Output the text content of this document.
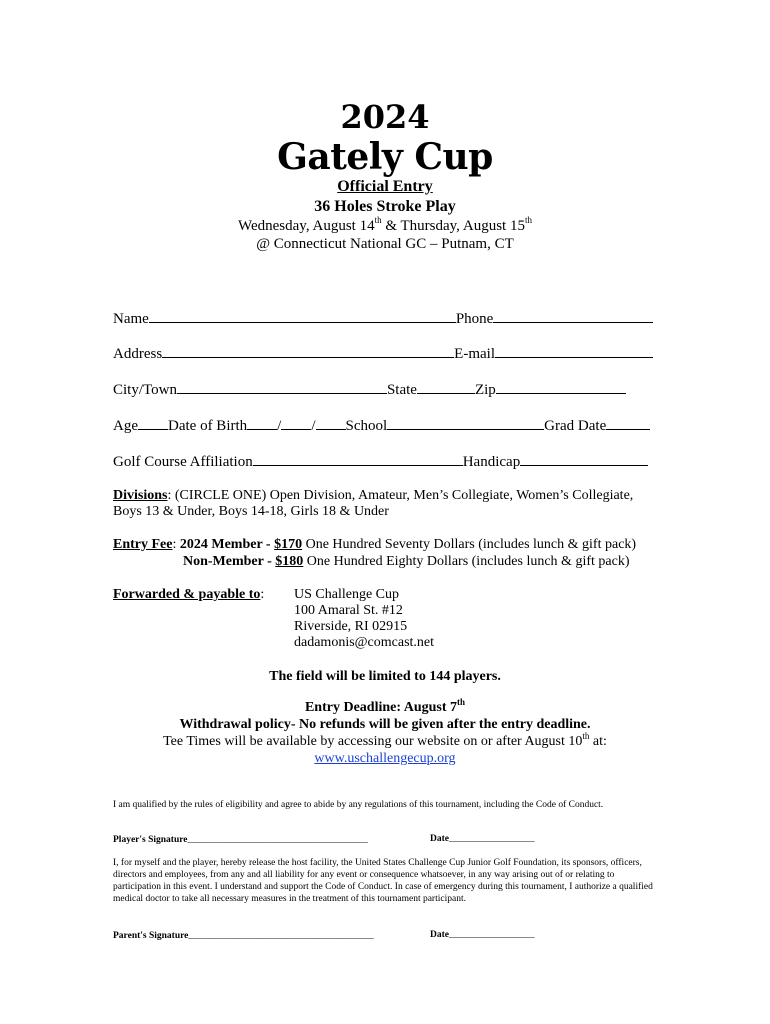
2024
Gately Cup
Official Entry
36 Holes Stroke Play
Wednesday, August 14th & Thursday, August 15th
@ Connecticut National GC – Putnam, CT
Name	Phone
Address	E-mail
City/Town	State	Zip
Age Date of Birth / / School	Grad Date
Golf Course Affiliation	Handicap
Divisions: (CIRCLE ONE) Open Division, Amateur, Men’s Collegiate, Women’s Collegiate,
Boys 13 & Under, Boys 14-18, Girls 18 & Under
Entry Fee: 2024 Member - $170 One Hundred Seventy Dollars (includes lunch & gift pack)
Non-Member - $180 One Hundred Eighty Dollars (includes lunch & gift pack)
Forwarded & payable to: US Challenge Cup
100 Amaral St. #12
Riverside, RI 02915
dadamonis@comcast.net
The field will be limited to 144 players.
Entry Deadline: August 7th
Withdrawal policy- No refunds will be given after the entry deadline.
Tee Times will be available by accessing our website on or after August 10th at:
www.uschallengecup.org
I am qualified by the rules of eligibility and agree to abide by any regulations of this tournament, including the Code of Conduct.
Player's Signature______________________________________	Date__________________
I, for myself and the player, hereby release the host facility, the United States Challenge Cup Junior Golf Foundation, its sponsors, officers, directors and employees, from any and all liability for any event or consequence whatsoever, in any way arising out of or relating to participation in this event. I understand and support the Code of Conduct. In case of emergency during this tournament, I authorize a qualified medical doctor to take all necessary measures in the treatment of this tournament participant.
Parent's Signature_______________________________________	Date__________________
